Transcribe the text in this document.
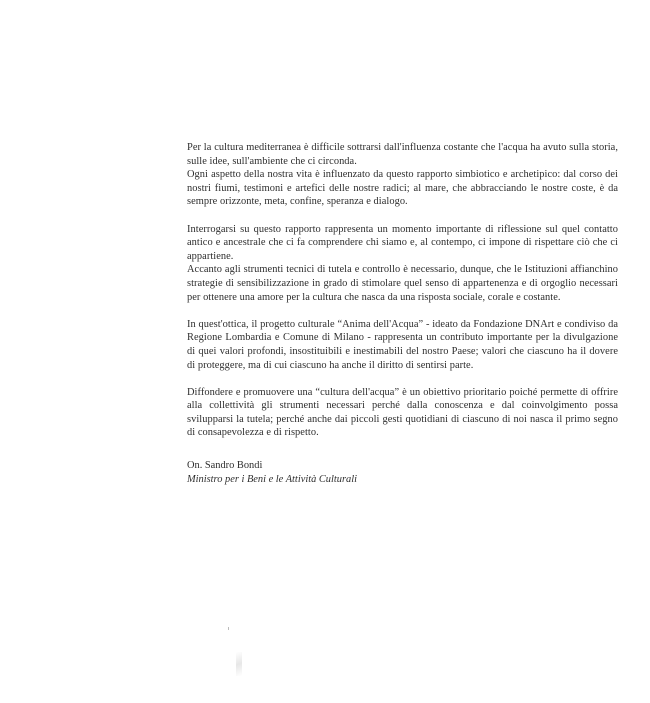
Per la cultura mediterranea è difficile sottrarsi dall'influenza costante che l'acqua ha avuto sulla storia, sulle idee, sull'ambiente che ci circonda.

Ogni aspetto della nostra vita è influenzato da questo rapporto simbiotico e archetipico: dal corso dei nostri fiumi, testimoni e artefici delle nostre radici; al mare, che abbracciando le nostre coste, è da sempre orizzonte, meta, confine, speranza e dialogo.

Interrogarsi su questo rapporto rappresenta un momento importante di riflessione sul quel contatto antico e ancestrale che ci fa comprendere chi siamo e, al contempo, ci impone di rispettare ciò che ci appartiene.

Accanto agli strumenti tecnici di tutela e controllo è necessario, dunque, che le Istituzioni affianchino strategie di sensibilizzazione in grado di stimolare quel senso di appartenenza e di orgoglio necessari per ottenere una amore per la cultura che nasca da una risposta sociale, corale e costante.

In quest'ottica, il progetto culturale “Anima dell'Acqua” - ideato da Fondazione DNArt e condiviso da Regione Lombardia e Comune di Milano - rappresenta un contributo importante per la divulgazione di quei valori profondi, insostituibili e inestimabili del nostro Paese; valori che ciascuno ha il dovere di proteggere, ma di cui ciascuno ha anche il diritto di sentirsi parte.

Diffondere e promuovere una “cultura dell'acqua” è un obiettivo prioritario poiché permette di offrire alla collettività gli strumenti necessari perché dalla conoscenza e dal coinvolgimento possa svilupparsi la tutela; perché anche dai piccoli gesti quotidiani di ciascuno di noi nasca il primo segno di consapevolezza e di rispetto.

On. Sandro Bondi
Ministro per i Beni e le Attività Culturali
